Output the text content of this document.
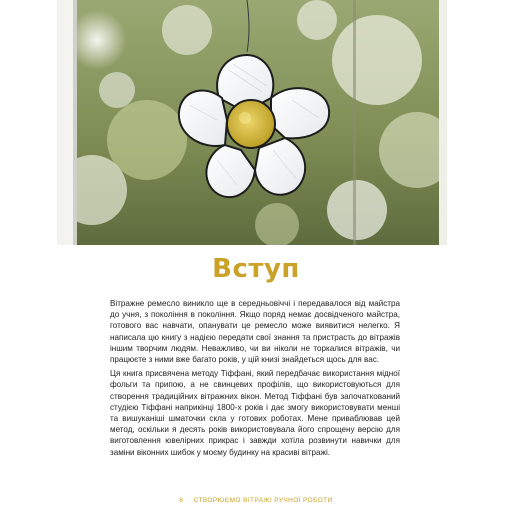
Вступ

Вітражне ремесло виникло ще в середньовіччі і передавалося від майстра до учня, з покоління в покоління. Якщо поряд немає досвідченого майстра, готового вас навчати, опанувати це ремесло може виявитися нелегко. Я написала цю книгу з надією передати свої знання та пристрасть до вітражів іншим творчим людям. Неважливо, чи ви ніколи не торкалися вітражів, чи працюєте з ними вже багато років, у цій книзі знайдеться щось для вас.

Ця книга присвячена методу Тіффані, який передбачає використання мідної фольги та припою, а не свинцевих профілів, що використовуються для створення традиційних вітражних вікон. Метод Тіффані був започаткований студією Тіффані наприкінці 1800-х років і дає змогу використовувати менші та вишуканіші шматочки скла у готових роботах. Мене приваблював цей метод, оскільки я десять років використовувала його спрощену версію для виготовлення ювелірних прикрас і завжди хотіла розвинути навички для заміни віконних шибок у моєму будинку на красиві вітражі.

6 СТВОРЮЄМО ВІТРАЖІ РУЧНОЇ РОБОТИ
